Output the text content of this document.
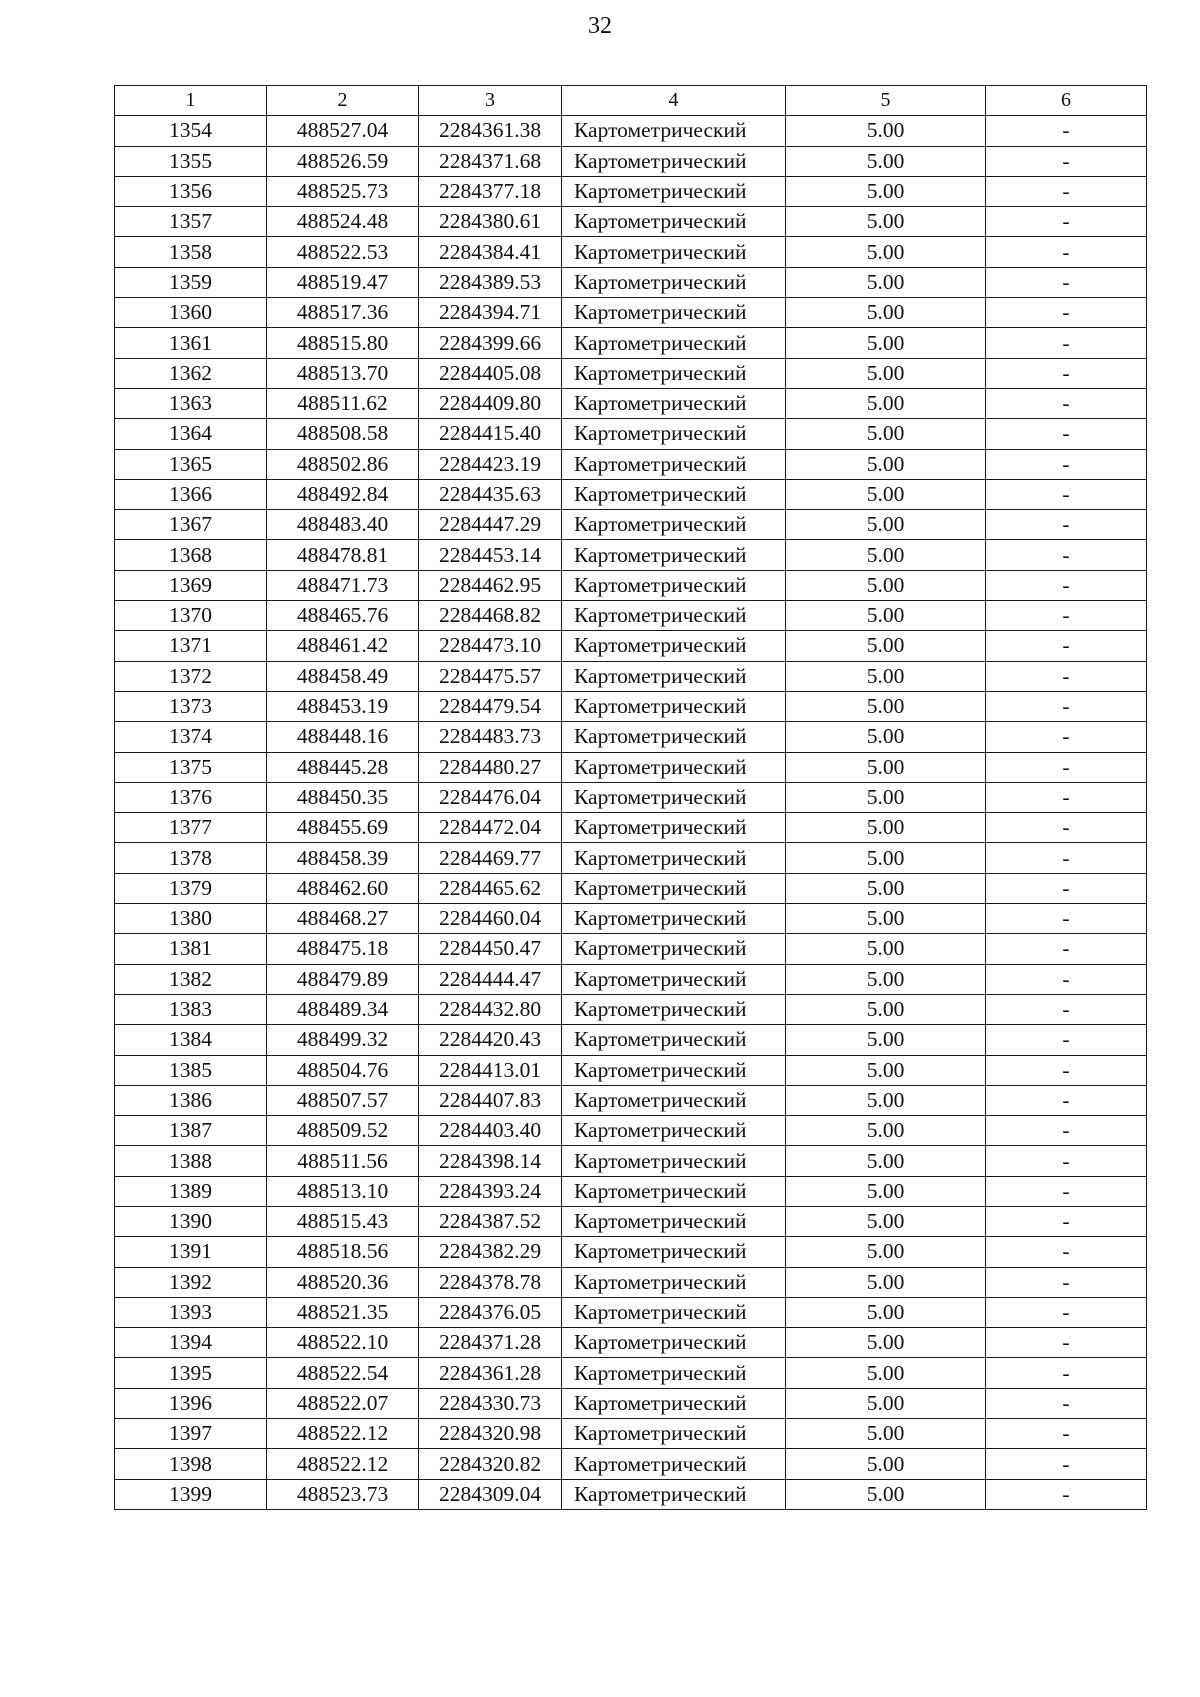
32
1	2	3	4	5	6
1354	488527.04	2284361.38	Картометрический	5.00	-
1355	488526.59	2284371.68	Картометрический	5.00	-
1356	488525.73	2284377.18	Картометрический	5.00	-
1357	488524.48	2284380.61	Картометрический	5.00	-
1358	488522.53	2284384.41	Картометрический	5.00	-
1359	488519.47	2284389.53	Картометрический	5.00	-
1360	488517.36	2284394.71	Картометрический	5.00	-
1361	488515.80	2284399.66	Картометрический	5.00	-
1362	488513.70	2284405.08	Картометрический	5.00	-
1363	488511.62	2284409.80	Картометрический	5.00	-
1364	488508.58	2284415.40	Картометрический	5.00	-
1365	488502.86	2284423.19	Картометрический	5.00	-
1366	488492.84	2284435.63	Картометрический	5.00	-
1367	488483.40	2284447.29	Картометрический	5.00	-
1368	488478.81	2284453.14	Картометрический	5.00	-
1369	488471.73	2284462.95	Картометрический	5.00	-
1370	488465.76	2284468.82	Картометрический	5.00	-
1371	488461.42	2284473.10	Картометрический	5.00	-
1372	488458.49	2284475.57	Картометрический	5.00	-
1373	488453.19	2284479.54	Картометрический	5.00	-
1374	488448.16	2284483.73	Картометрический	5.00	-
1375	488445.28	2284480.27	Картометрический	5.00	-
1376	488450.35	2284476.04	Картометрический	5.00	-
1377	488455.69	2284472.04	Картометрический	5.00	-
1378	488458.39	2284469.77	Картометрический	5.00	-
1379	488462.60	2284465.62	Картометрический	5.00	-
1380	488468.27	2284460.04	Картометрический	5.00	-
1381	488475.18	2284450.47	Картометрический	5.00	-
1382	488479.89	2284444.47	Картометрический	5.00	-
1383	488489.34	2284432.80	Картометрический	5.00	-
1384	488499.32	2284420.43	Картометрический	5.00	-
1385	488504.76	2284413.01	Картометрический	5.00	-
1386	488507.57	2284407.83	Картометрический	5.00	-
1387	488509.52	2284403.40	Картометрический	5.00	-
1388	488511.56	2284398.14	Картометрический	5.00	-
1389	488513.10	2284393.24	Картометрический	5.00	-
1390	488515.43	2284387.52	Картометрический	5.00	-
1391	488518.56	2284382.29	Картометрический	5.00	-
1392	488520.36	2284378.78	Картометрический	5.00	-
1393	488521.35	2284376.05	Картометрический	5.00	-
1394	488522.10	2284371.28	Картометрический	5.00	-
1395	488522.54	2284361.28	Картометрический	5.00	-
1396	488522.07	2284330.73	Картометрический	5.00	-
1397	488522.12	2284320.98	Картометрический	5.00	-
1398	488522.12	2284320.82	Картометрический	5.00	-
1399	488523.73	2284309.04	Картометрический	5.00	-
